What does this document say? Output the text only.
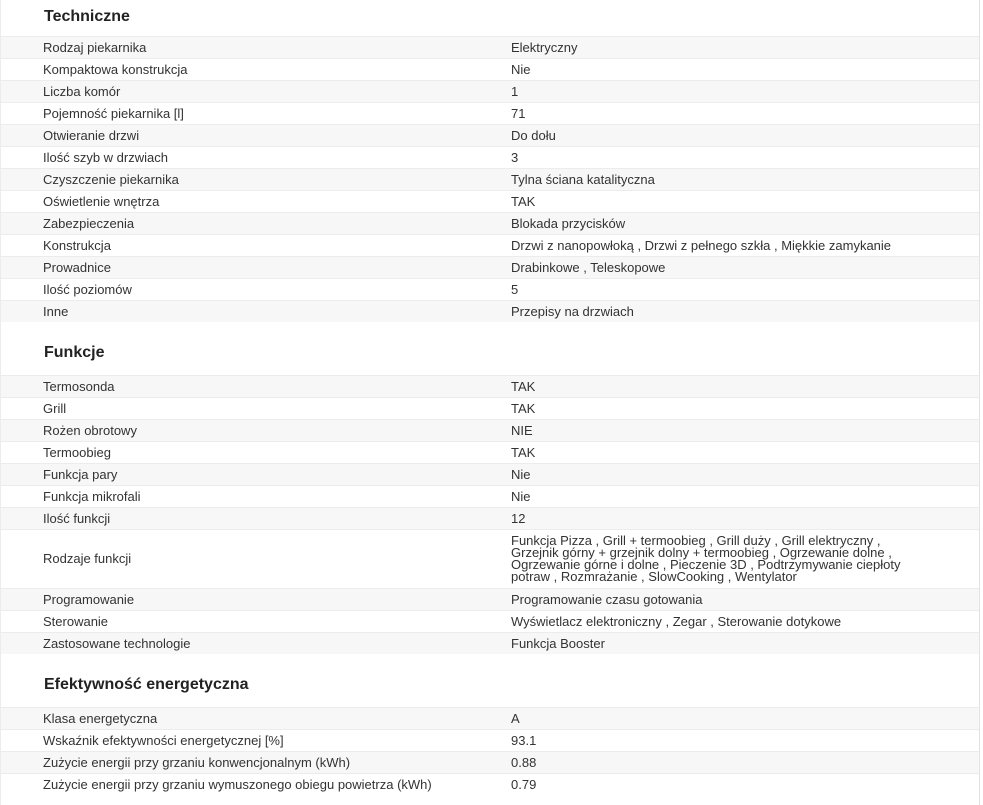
Techniczne
Rodzaj piekarnika	Elektryczny
Kompaktowa konstrukcja	Nie
Liczba komór	1
Pojemność piekarnika [l]	71
Otwieranie drzwi	Do dołu
Ilość szyb w drzwiach	3
Czyszczenie piekarnika	Tylna ściana katalityczna
Oświetlenie wnętrza	TAK
Zabezpieczenia	Blokada przycisków
Konstrukcja	Drzwi z nanopowłoką , Drzwi z pełnego szkła , Miękkie zamykanie
Prowadnice	Drabinkowe , Teleskopowe
Ilość poziomów	5
Inne	Przepisy na drzwiach
Funkcje
Termosonda	TAK
Grill	TAK
Rożen obrotowy	NIE
Termoobieg	TAK
Funkcja pary	Nie
Funkcja mikrofali	Nie
Ilość funkcji	12
Rodzaje funkcji	Funkcja Pizza , Grill + termoobieg , Grill duży , Grill elektryczny , Grzejnik górny + grzejnik dolny + termoobieg , Ogrzewanie dolne , Ogrzewanie górne i dolne , Pieczenie 3D , Podtrzymywanie ciepłoty potraw , Rozmrażanie , SlowCooking , Wentylator
Programowanie	Programowanie czasu gotowania
Sterowanie	Wyświetlacz elektroniczny , Zegar , Sterowanie dotykowe
Zastosowane technologie	Funkcja Booster
Efektywność energetyczna
Klasa energetyczna	A
Wskaźnik efektywności energetycznej [%]	93.1
Zużycie energii przy grzaniu konwencjonalnym (kWh)	0.88
Zużycie energii przy grzaniu wymuszonego obiegu powietrza (kWh)	0.79
